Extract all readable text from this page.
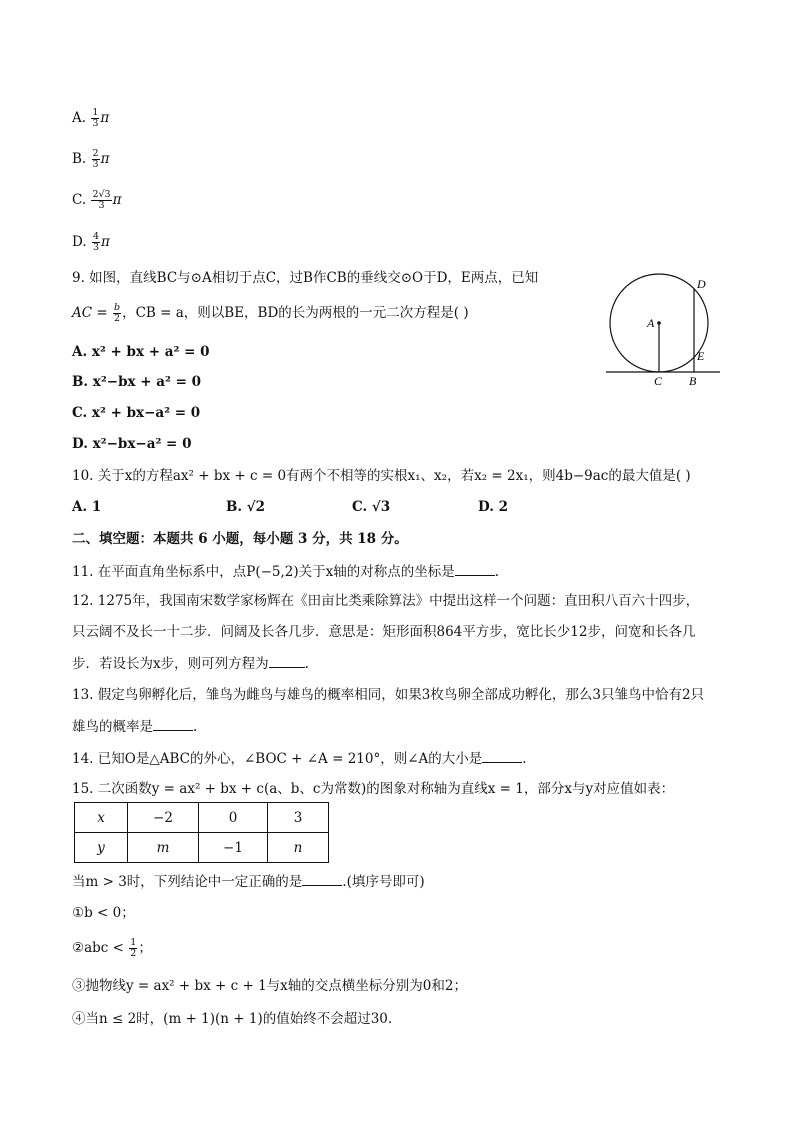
A. $\frac{1}{3}$ π
B. $\frac{2}{3}$ π
C. $\frac{2√3}{3}$ π
D. $\frac{4}{3}$ π
9. 如图，直线BC与⊙A相切于点C，过B作CB的垂线交⊙O于D，E两点，已知
AC = $\frac{b}{2}$ ，CB = a，则以BE，BD的长为两根的一元二次方程是( )
A. x² + bx + a² = 0
B. x²−bx + a² = 0
C. x² + bx−a² = 0
D. x²−bx−a² = 0
D
A
E
C B
10. 关于x的方程ax² + bx + c = 0有两个不相等的实根x₁、x₂，若x₂ = 2x₁，则4b−9ac的最大值是( )
A. 1	B. √2	C. √3	D. 2
二、填空题：本题共 6 小题，每小题 3 分，共 18 分。
11. 在平面直角坐标系中，点P(−5,2)关于x轴的对称点的坐标是	.
12. 1275年，我国南宋数学家杨辉在《田亩比类乘除算法》中提出这样一个问题：直田积八百六十四步，
只云阔不及长一十二步．问阔及长各几步．意思是：矩形面积864平方步，宽比长少12步，问宽和长各几
步．若设长为x步，则可列方程为	.
13. 假定鸟卵孵化后，雏鸟为雌鸟与雄鸟的概率相同，如果3枚鸟卵全部成功孵化，那么3只雏鸟中恰有2只
雄鸟的概率是	.
14. 已知O是△ABC的外心，∠BOC + ∠A = 210°，则∠A的大小是	.
15. 二次函数y = ax² + bx + c(a、b、c为常数)的图象对称轴为直线x = 1，部分x与y对应值如表：
x	−2	0	3
y	m	−1	n
当m > 3时，下列结论中一定正确的是	.(填序号即可)
①b < 0；
②abc < $\frac{1}{2}$ ；
③抛物线y = ax² + bx + c + 1与x轴的交点横坐标分别为0和2；
④当n ≤ 2时，(m + 1)(n + 1)的值始终不会超过30.
